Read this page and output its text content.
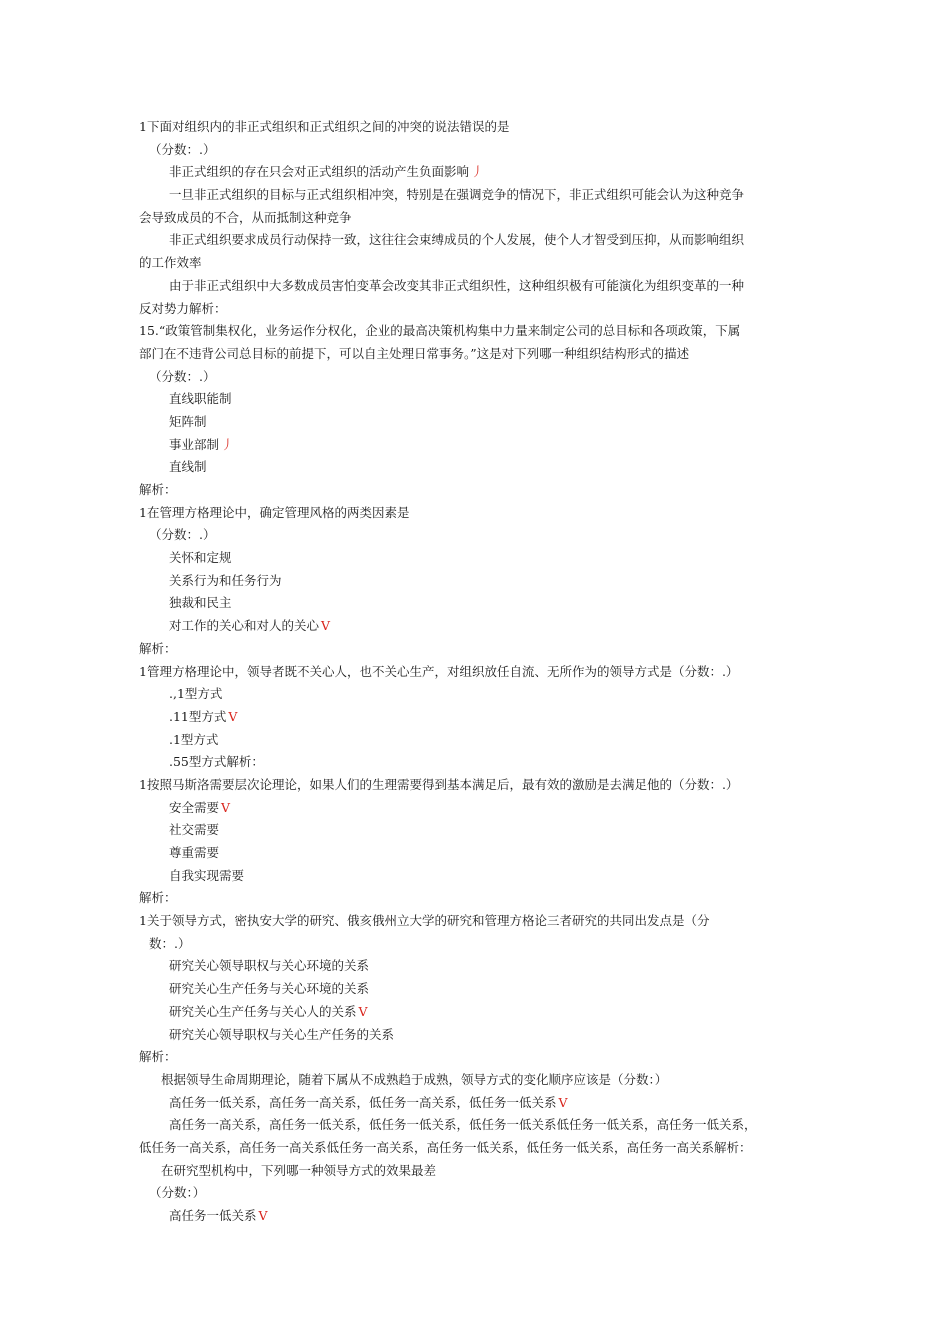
1下面对组织内的非正式组织和正式组织之间的冲突的说法错误的是
（分数：.）
非正式组织的存在只会对正式组织的活动产生负面影响 丿
一旦非正式组织的目标与正式组织相冲突，特别是在强调竞争的情况下，非正式组织可能会认为这种竞争
会导致成员的不合，从而抵制这种竞争
非正式组织要求成员行动保持一致，这往往会束缚成员的个人发展，使个人才智受到压抑，从而影响组织
的工作效率
由于非正式组织中大多数成员害怕变革会改变其非正式组织性，这种组织极有可能演化为组织变革的一种
反对势力解析：
15.“政策管制集权化，业务运作分权化，企业的最高决策机构集中力量来制定公司的总目标和各项政策，下属
部门在不违背公司总目标的前提下，可以自主处理日常事务。”这是对下列哪一种组织结构形式的描述
（分数：.）
直线职能制
矩阵制
事业部制 丿
直线制
解析：
1在管理方格理论中，确定管理风格的两类因素是
（分数：.）
关怀和定规
关系行为和任务行为
独裁和民主
对工作的关心和对人的关心 V
解析：
1管理方格理论中，领导者既不关心人，也不关心生产，对组织放任自流、无所作为的领导方式是（分数：.）
.,1型方式
.11型方式 V
.1型方式
.55型方式解析：
1按照马斯洛需要层次论理论，如果人们的生理需要得到基本满足后，最有效的激励是去满足他的（分数：.）
安全需要 V
社交需要
尊重需要
自我实现需要
解析：
1关于领导方式，密执安大学的研究、俄亥俄州立大学的研究和管理方格论三者研究的共同出发点是（分
数：.）
研究关心领导职权与关心环境的关系
研究关心生产任务与关心环境的关系
研究关心生产任务与关心人的关系 V
研究关心领导职权与关心生产任务的关系
解析：
根据领导生命周期理论，随着下属从不成熟趋于成熟，领导方式的变化顺序应该是（分数：）
高任务一低关系，高任务一高关系，低任务一高关系，低任务一低关系 V
高任务一高关系，高任务一低关系，低任务一低关系，低任务一低关系低任务一低关系，高任务一低关系，
低任务一高关系，高任务一高关系低任务一高关系，高任务一低关系，低任务一低关系，高任务一高关系解析：
在研究型机构中，下列哪一种领导方式的效果最差
（分数：）
高任务一低关系 V
